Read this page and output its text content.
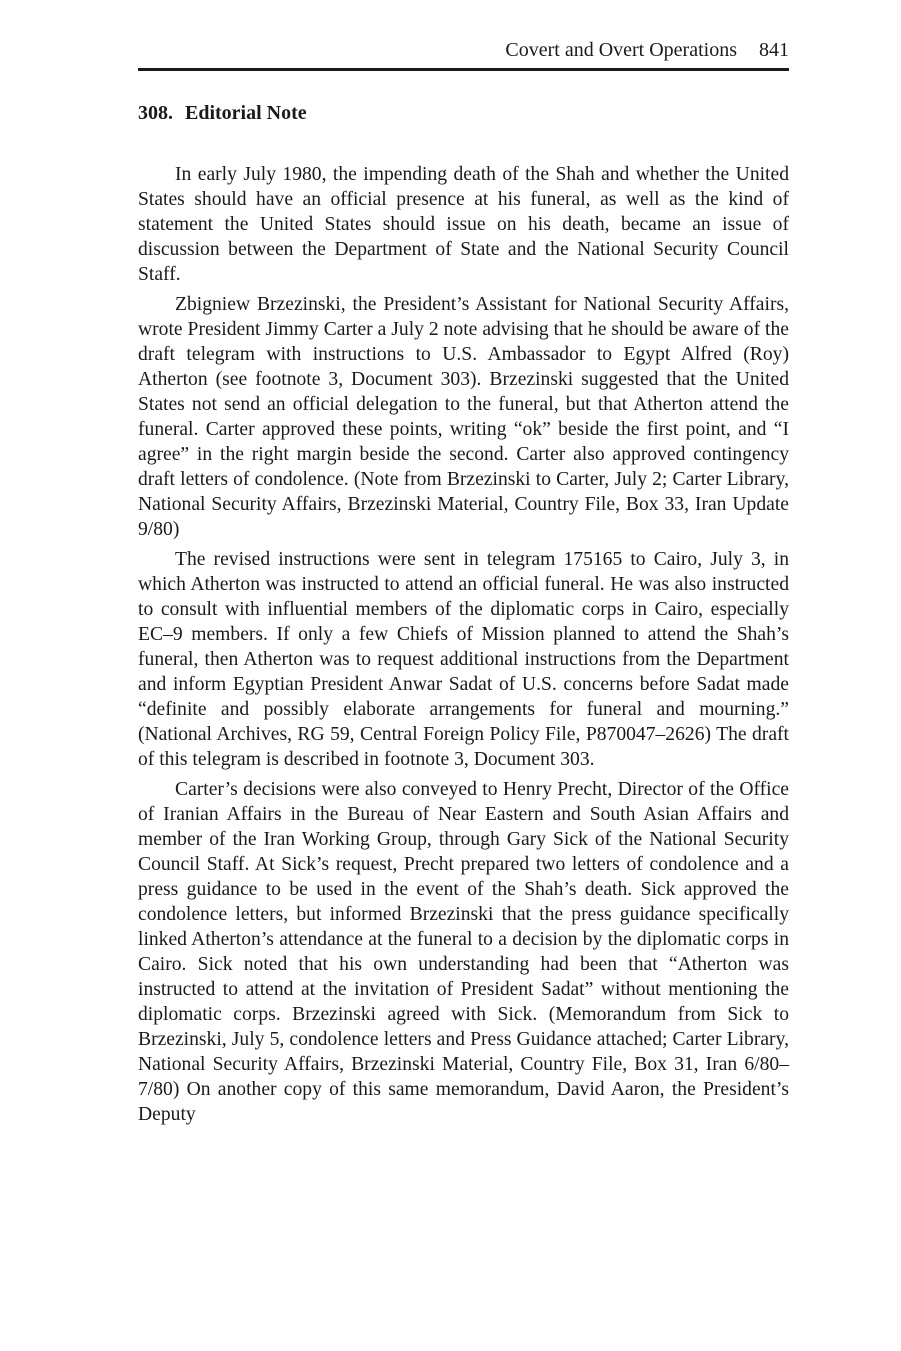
Covert and Overt Operations 841
308. Editorial Note

In early July 1980, the impending death of the Shah and whether the United States should have an official presence at his funeral, as well as the kind of statement the United States should issue on his death, became an issue of discussion between the Department of State and the National Security Council Staff.

Zbigniew Brzezinski, the President’s Assistant for National Security Affairs, wrote President Jimmy Carter a July 2 note advising that he should be aware of the draft telegram with instructions to U.S. Ambassador to Egypt Alfred (Roy) Atherton (see footnote 3, Document 303). Brzezinski suggested that the United States not send an official delegation to the funeral, but that Atherton attend the funeral. Carter approved these points, writing “ok” beside the first point, and “I agree” in the right margin beside the second. Carter also approved contingency draft letters of condolence. (Note from Brzezinski to Carter, July 2; Carter Library, National Security Affairs, Brzezinski Material, Country File, Box 33, Iran Update 9/80)

The revised instructions were sent in telegram 175165 to Cairo, July 3, in which Atherton was instructed to attend an official funeral. He was also instructed to consult with influential members of the diplomatic corps in Cairo, especially EC–9 members. If only a few Chiefs of Mission planned to attend the Shah’s funeral, then Atherton was to request additional instructions from the Department and inform Egyptian President Anwar Sadat of U.S. concerns before Sadat made “definite and possibly elaborate arrangements for funeral and mourning.” (National Archives, RG 59, Central Foreign Policy File, P870047–2626) The draft of this telegram is described in footnote 3, Document 303.

Carter’s decisions were also conveyed to Henry Precht, Director of the Office of Iranian Affairs in the Bureau of Near Eastern and South Asian Affairs and member of the Iran Working Group, through Gary Sick of the National Security Council Staff. At Sick’s request, Precht prepared two letters of condolence and a press guidance to be used in the event of the Shah’s death. Sick approved the condolence letters, but informed Brzezinski that the press guidance specifically linked Atherton’s attendance at the funeral to a decision by the diplomatic corps in Cairo. Sick noted that his own understanding had been that “Atherton was instructed to attend at the invitation of President Sadat” without mentioning the diplomatic corps. Brzezinski agreed with Sick. (Memorandum from Sick to Brzezinski, July 5, condolence letters and Press Guidance attached; Carter Library, National Security Affairs, Brzezinski Material, Country File, Box 31, Iran 6/80–7/80) On another copy of this same memorandum, David Aaron, the President’s Deputy
